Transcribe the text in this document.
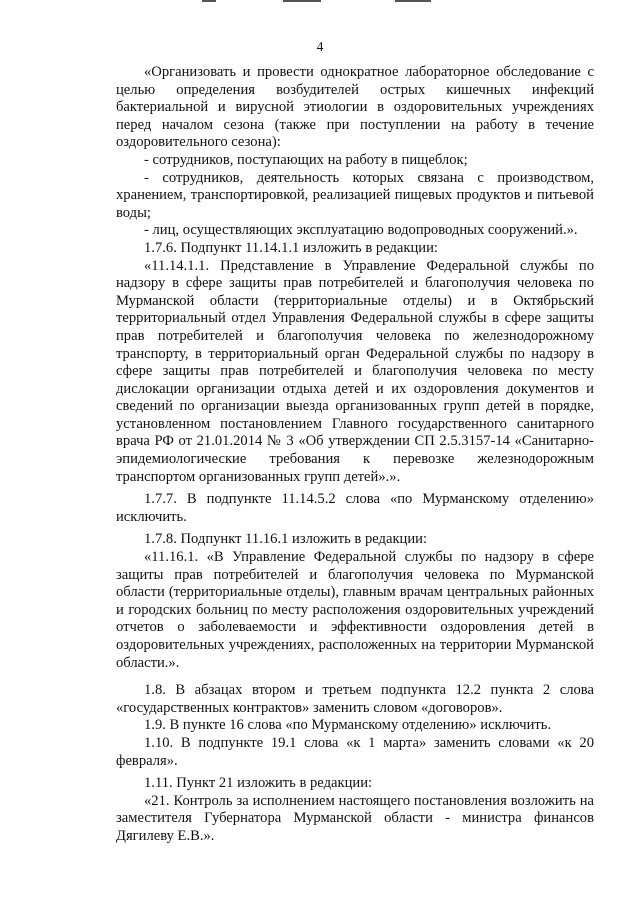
4

«Организовать и провести однократное лабораторное обследование с целью определения возбудителей острых кишечных инфекций бактериальной и вирусной этиологии в оздоровительных учреждениях перед началом сезона (также при поступлении на работу в течение оздоровительного сезона):

- сотрудников, поступающих на работу в пищеблок;

- сотрудников, деятельность которых связана с производством, хранением, транспортировкой, реализацией пищевых продуктов и питьевой воды;

- лиц, осуществляющих эксплуатацию водопроводных сооружений.».

1.7.6. Подпункт 11.14.1.1 изложить в редакции:

«11.14.1.1. Представление в Управление Федеральной службы по надзору в сфере защиты прав потребителей и благополучия человека по Мурманской области (территориальные отделы) и в Октябрьский территориальный отдел Управления Федеральной службы в сфере защиты прав потребителей и благополучия человека по железнодорожному транспорту, в территориальный орган Федеральной службы по надзору в сфере защиты прав потребителей и благополучия человека по месту дислокации организации отдыха детей и их оздоровления документов и сведений по организации выезда организованных групп детей в порядке, установленном постановлением Главного государственного санитарного врача РФ от 21.01.2014 № 3 «Об утверждении СП 2.5.3157-14 «Санитарно-эпидемиологические требования к перевозке железнодорожным транспортом организованных групп детей».».

1.7.7. В подпункте 11.14.5.2 слова «по Мурманскому отделению» исключить.

1.7.8. Подпункт 11.16.1 изложить в редакции:

«11.16.1. «В Управление Федеральной службы по надзору в сфере защиты прав потребителей и благополучия человека по Мурманской области (территориальные отделы), главным врачам центральных районных и городских больниц по месту расположения оздоровительных учреждений отчетов о заболеваемости и эффективности оздоровления детей в оздоровительных учреждениях, расположенных на территории Мурманской области.».

1.8. В абзацах втором и третьем подпункта 12.2 пункта 2 слова «государственных контрактов» заменить словом «договоров».

1.9. В пункте 16 слова «по Мурманскому отделению» исключить.

1.10. В подпункте 19.1 слова «к 1 марта» заменить словами «к 20 февраля».

1.11. Пункт 21 изложить в редакции:

«21. Контроль за исполнением настоящего постановления возложить на заместителя Губернатора Мурманской области - министра финансов Дягилеву Е.В.».
